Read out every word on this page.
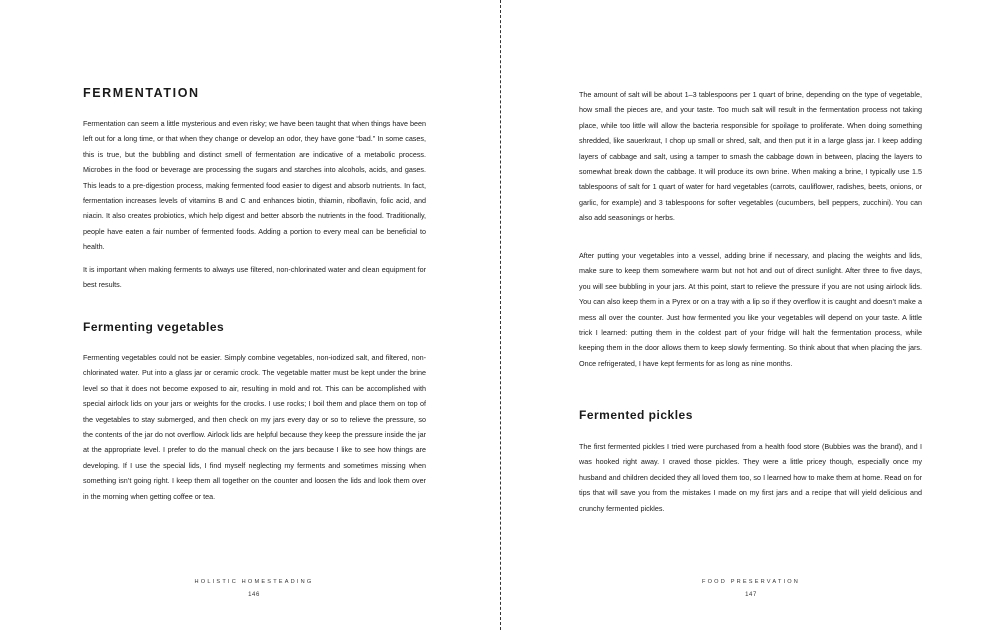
FERMENTATION

Fermentation can seem a little mysterious and even risky; we have been taught that when things have been left out for a long time, or that when they change or develop an odor, they have gone “bad.” In some cases, this is true, but the bubbling and distinct smell of fermentation are indicative of a metabolic process. Microbes in the food or beverage are processing the sugars and starches into alcohols, acids, and gases. This leads to a pre-digestion process, making fermented food easier to digest and absorb nutrients. In fact, fermentation increases levels of vitamins B and C and enhances biotin, thiamin, riboflavin, folic acid, and niacin. It also creates probiotics, which help digest and better absorb the nutrients in the food. Traditionally, people have eaten a fair number of fermented foods. Adding a portion to every meal can be beneficial to health.

It is important when making ferments to always use filtered, non-chlorinated water and clean equipment for best results.

Fermenting vegetables

Fermenting vegetables could not be easier. Simply combine vegetables, non-iodized salt, and filtered, non-chlorinated water. Put into a glass jar or ceramic crock. The vegetable matter must be kept under the brine level so that it does not become exposed to air, resulting in mold and rot. This can be accomplished with special airlock lids on your jars or weights for the crocks. I use rocks; I boil them and place them on top of the vegetables to stay submerged, and then check on my jars every day or so to relieve the pressure, so the contents of the jar do not overflow. Airlock lids are helpful because they keep the pressure inside the jar at the appropriate level. I prefer to do the manual check on the jars because I like to see how things are developing. If I use the special lids, I find myself neglecting my ferments and sometimes missing when something isn’t going right. I keep them all together on the counter and loosen the lids and look them over in the morning when getting coffee or tea.

HOLISTIC HOMESTEADING
146

The amount of salt will be about 1–3 tablespoons per 1 quart of brine, depending on the type of vegetable, how small the pieces are, and your taste. Too much salt will result in the fermentation process not taking place, while too little will allow the bacteria responsible for spoilage to proliferate. When doing something shredded, like sauerkraut, I chop up small or shred, salt, and then put it in a large glass jar. I keep adding layers of cabbage and salt, using a tamper to smash the cabbage down in between, placing the layers to somewhat break down the cabbage. It will produce its own brine. When making a brine, I typically use 1.5 tablespoons of salt for 1 quart of water for hard vegetables (carrots, cauliflower, radishes, beets, onions, or garlic, for example) and 3 tablespoons for softer vegetables (cucumbers, bell peppers, zucchini). You can also add seasonings or herbs.

After putting your vegetables into a vessel, adding brine if necessary, and placing the weights and lids, make sure to keep them somewhere warm but not hot and out of direct sunlight. After three to five days, you will see bubbling in your jars. At this point, start to relieve the pressure if you are not using airlock lids. You can also keep them in a Pyrex or on a tray with a lip so if they overflow it is caught and doesn’t make a mess all over the counter. Just how fermented you like your vegetables will depend on your taste. A little trick I learned: putting them in the coldest part of your fridge will halt the fermentation process, while keeping them in the door allows them to keep slowly fermenting. So think about that when placing the jars. Once refrigerated, I have kept ferments for as long as nine months.

Fermented pickles

The first fermented pickles I tried were purchased from a health food store (Bubbies was the brand), and I was hooked right away. I craved those pickles. They were a little pricey though, especially once my husband and children decided they all loved them too, so I learned how to make them at home. Read on for tips that will save you from the mistakes I made on my first jars and a recipe that will yield delicious and crunchy fermented pickles.

FOOD PRESERVATION
147
